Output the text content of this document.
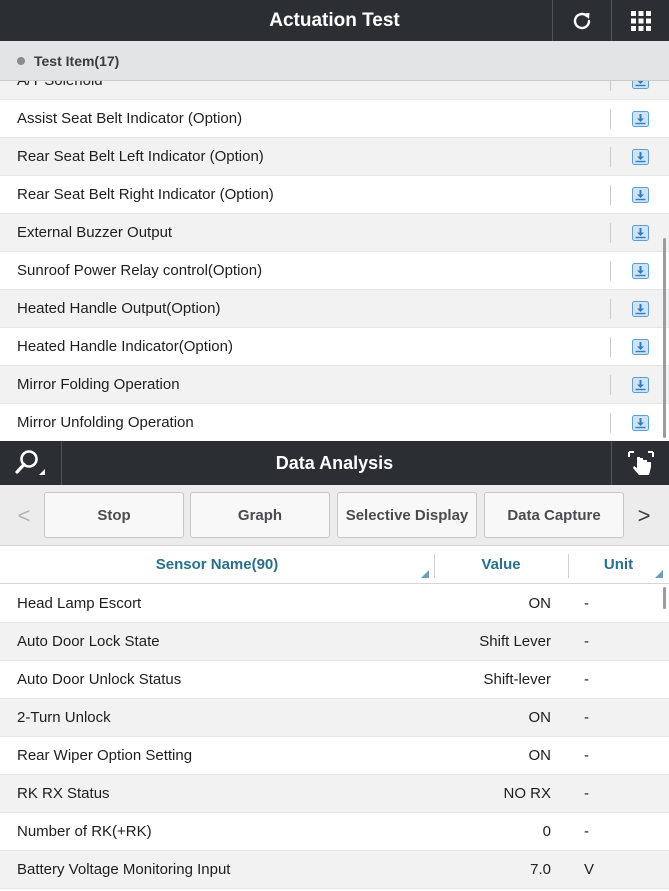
Actuation Test
Assist Seat Belt Indicator (Option)
Rear Seat Belt Left Indicator (Option)
Rear Seat Belt Right Indicator (Option)
External Buzzer Output
Sunroof Power Relay control(Option)
Heated Handle Output(Option)
Heated Handle Indicator(Option)
Mirror Folding Operation
Mirror Unfolding Operation
Test Item(17)
Data Analysis
<	Stop	Graph	Selective Display	Data Capture	>
Sensor Name(90)	Value	Unit
Head Lamp Escort	ON -
Auto Door Lock State	Shift Lever -
Auto Door Unlock Status	Shift-lever -
2-Turn Unlock	ON -
Rear Wiper Option Setting	ON -
RK RX Status	NO RX -
Number of RK(+RK)	0 -
Battery Voltage Monitoring Input	7.0 V
